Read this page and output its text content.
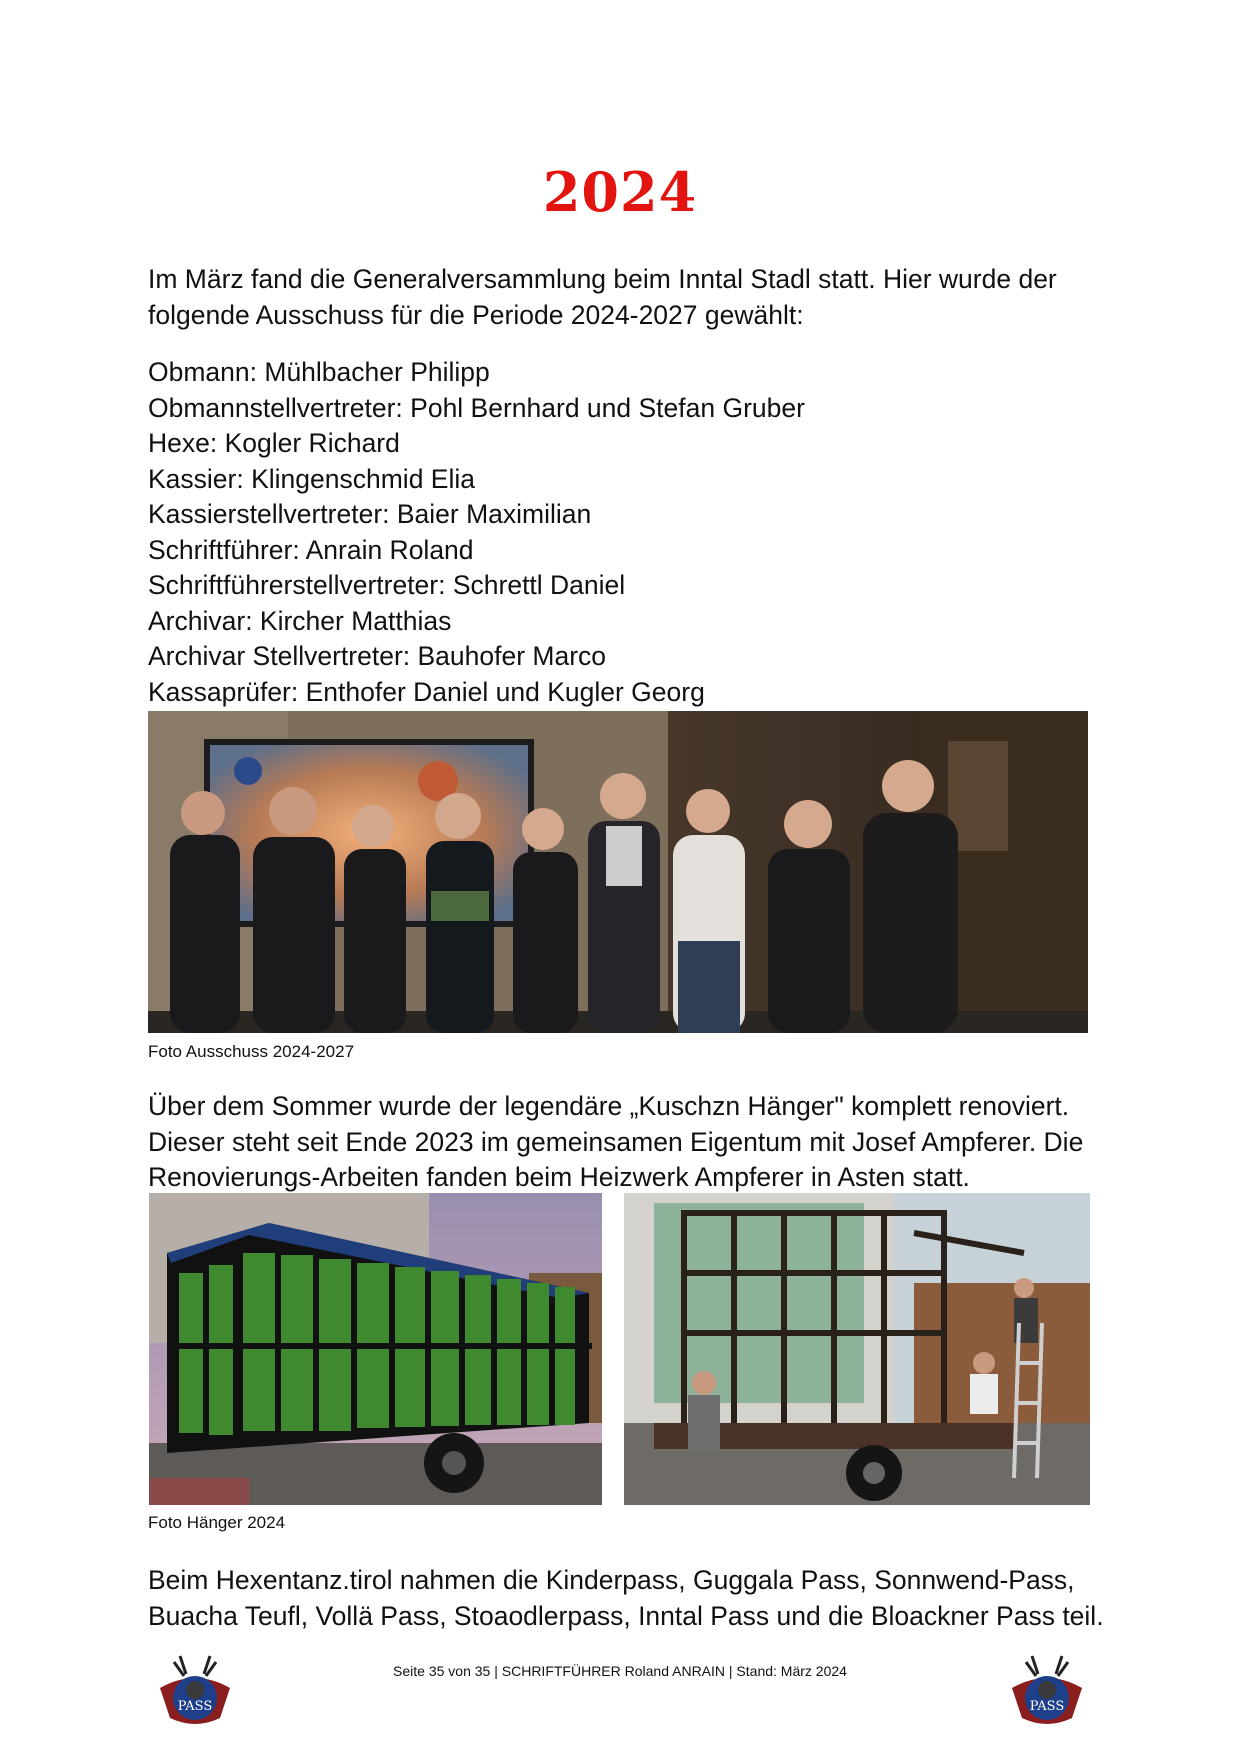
2024
Im März fand die Generalversammlung beim Inntal Stadl statt. Hier wurde der
folgende Ausschuss für die Periode 2024-2027 gewählt:
Obmann: Mühlbacher Philipp
Obmannstellvertreter: Pohl Bernhard und Stefan Gruber
Hexe: Kogler Richard
Kassier: Klingenschmid Elia
Kassierstellvertreter: Baier Maximilian
Schriftführer: Anrain Roland
Schriftführerstellvertreter: Schrettl Daniel
Archivar: Kircher Matthias
Archivar Stellvertreter: Bauhofer Marco
Kassaprüfer: Enthofer Daniel und Kugler Georg
Foto Ausschuss 2024-2027
Über dem Sommer wurde der legendäre „Kuschzn Hänger" komplett renoviert.
Dieser steht seit Ende 2023 im gemeinsamen Eigentum mit Josef Ampferer. Die
Renovierungs-Arbeiten fanden beim Heizwerk Ampferer in Asten statt.
Foto Hänger 2024
Beim Hexentanz.tirol nahmen die Kinderpass, Guggala Pass, Sonnwend-Pass,
Buacha Teufl, Vollä Pass, Stoaodlerpass, Inntal Pass und die Bloackner Pass teil.
PASS
Seite 35 von 35 | SCHRIFTFÜHRER Roland ANRAIN | Stand: März 2024
PASS
